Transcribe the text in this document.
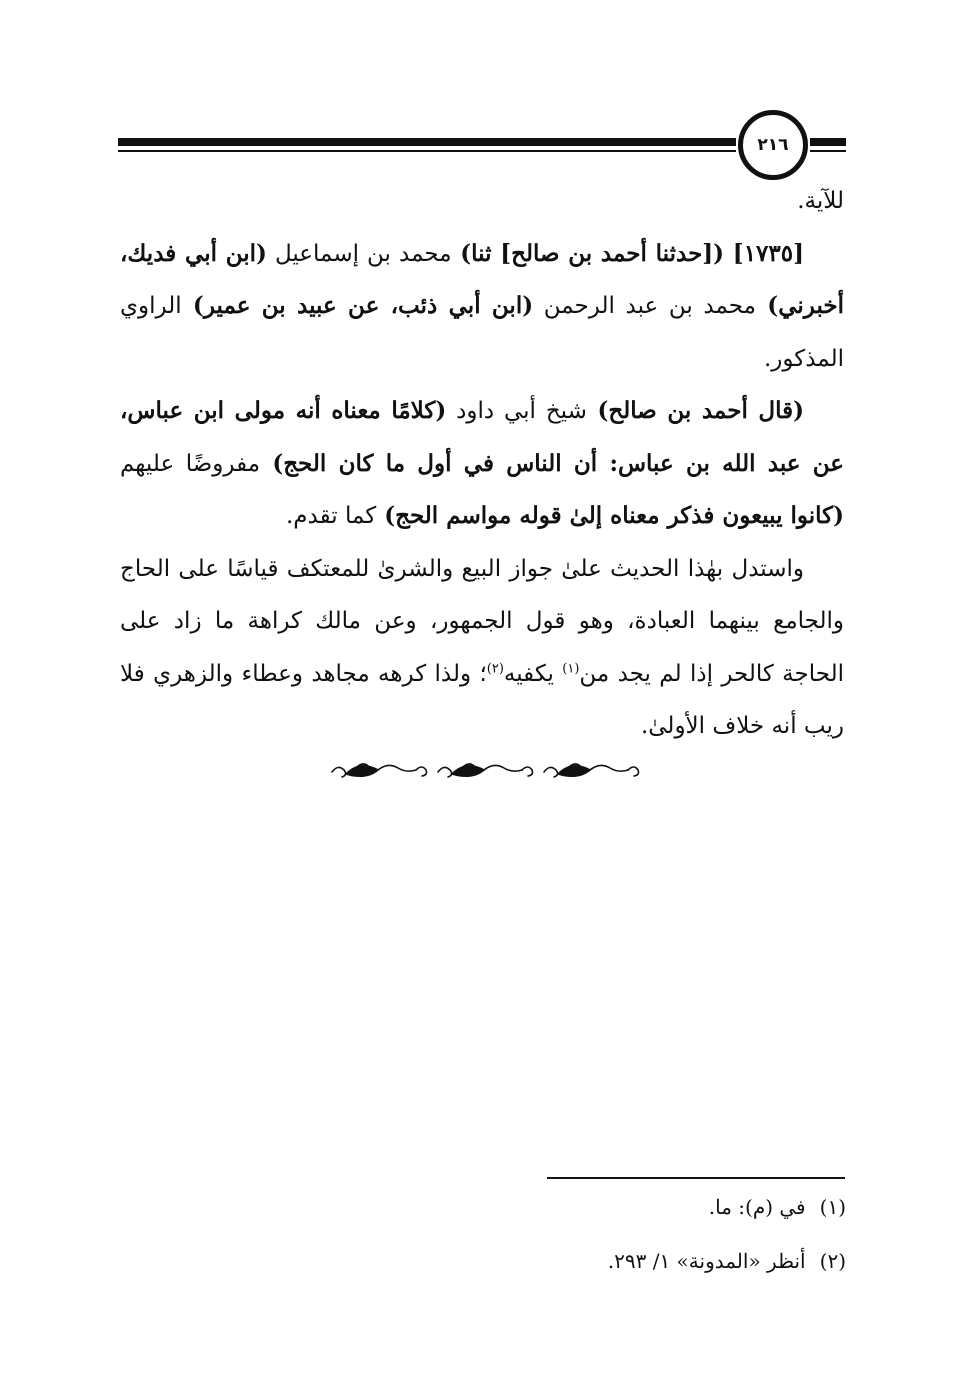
٢١٦

للآية.

[١٧٣٥] ([حدثنا أحمد بن صالح] ثنا) محمد بن إسماعيل (ابن أبي فديك، أخبرني) محمد بن عبد الرحمن (ابن أبي ذئب، عن عبيد بن عمير) الراوي المذكور.

(قال أحمد بن صالح) شيخ أبي داود (كلامًا معناه أنه مولى ابن عباس، عن عبد الله بن عباس: أن الناس في أول ما كان الحج) مفروضًا عليهم (كانوا يبيعون فذكر معناه إلىٰ قوله مواسم الحج) كما تقدم.

واستدل بهٰذا الحديث علىٰ جواز البيع والشرىٰ للمعتكف قياسًا على الحاج والجامع بينهما العبادة، وهو قول الجمهور، وعن مالك كراهة ما زاد على الحاجة كالحر إذا لم يجد من$^{(١)}$ يكفيه$^{(٢)}$؛ ولذا كرهه مجاهد وعطاء والزهري فلا ريب أنه خلاف الأولىٰ.

(١)في (م): ما.
(٢)أنظر «المدونة» ١/ ٢٩٣.
